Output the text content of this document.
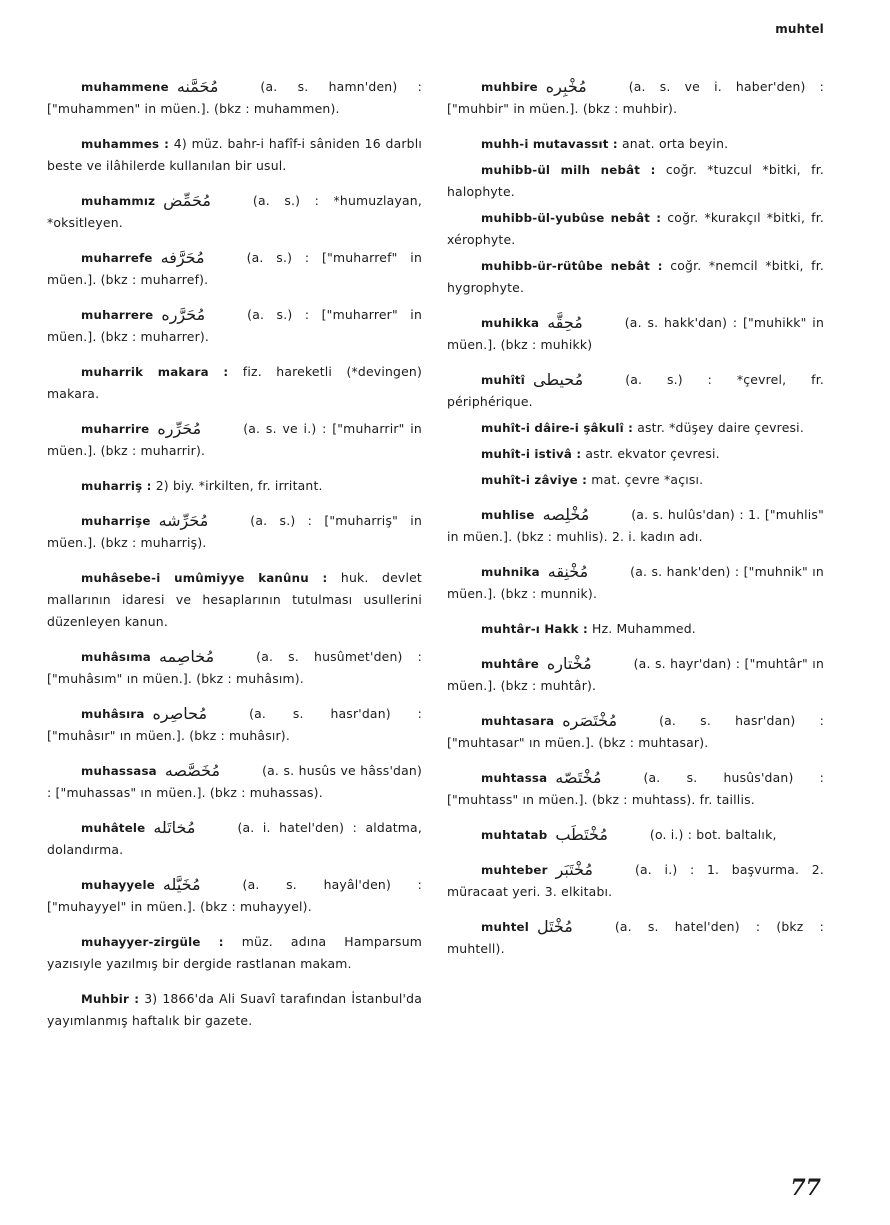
muhtel

muhammene مُحَمَّنه	(a. s. hamn'den) : ["muhammen" in müen.]. (bkz : muhammen).

muhammes : 4) müz. bahr-i hafîf-i sâniden 16 darblı beste ve ilâhilerde kullanılan bir usul.

muhammız مُحَمِّض	(a. s.) : *humuzlayan, *oksitleyen.

muharrefe مُحَرَّفه	(a. s.) : ["muharref" in müen.]. (bkz : muharref).

muharrere مُحَرَّره	(a. s.) : ["muharrer" in müen.]. (bkz : muharrer).

muharrik makara : fiz. hareketli (*devingen) makara.

muharrire مُحَرِّره	(a. s. ve i.) : ["muharrir" in müen.]. (bkz : muharrir).

muharriş : 2) biy. *irkilten, fr. irritant.

muharrişe مُحَرِّشه	(a. s.) : ["muharriş" in müen.]. (bkz : muharriş).

muhâsebe-i umûmiyye kanûnu : huk. devlet mallarının idaresi ve hesaplarının tutulması usullerini düzenleyen kanun.

muhâsıma مُخاصِمه	(a. s. husûmet'den) : ["muhâsım" ın müen.]. (bkz : muhâsım).

muhâsıra مُحاصِره	(a. s. hasr'dan) : ["muhâsır" ın müen.]. (bkz : muhâsır).

muhassasa مُخَصَّصه	(a. s. husûs ve hâss'dan) : ["muhassas" ın müen.]. (bkz : muhassas).

muhâtele مُخاتَله	(a. i. hatel'den) : aldatma, dolandırma.

muhayyele مُخَيَّله	(a. s. hayâl'den) : ["muhayyel" in müen.]. (bkz : muhayyel).

muhayyer-zirgüle : müz. adına Hamparsum yazısıyle yazılmış bir dergide rastlanan makam.

Muhbir : 3) 1866'da Ali Suavî tarafından İstanbul'da yayımlanmış haftalık bir gazete.

muhbire مُخْبِره	(a. s. ve i. haber'den) : ["muhbir" in müen.]. (bkz : muhbir).

muhh-i mutavassıt : anat. orta beyin.

muhibb-ül milh nebât : coğr. *tuzcul *bitki, fr. halophyte.

muhibb-ül-yubûse nebât : coğr. *kurakçıl *bitki, fr. xérophyte.

muhibb-ür-rütûbe nebât : coğr. *nemcil *bitki, fr. hygrophyte.

muhikka مُحِقَّه	(a. s. hakk'dan) : ["muhikk" in müen.]. (bkz : muhikk)

muhîtî مُحيطى	(a. s.) : *çevrel, fr. périphérique.

muhît-i dâire-i şâkulî : astr. *düşey daire çevresi.

muhît-i istivâ : astr. ekvator çevresi.

muhît-i zâviye : mat. çevre *açısı.

muhlise مُخْلِصه	(a. s. hulûs'dan) : 1. ["muhlis" in müen.]. (bkz : muhlis). 2. i. kadın adı.

muhnika مُخْنِقه	(a. s. hank'den) : ["muhnik" ın müen.]. (bkz : munnik).

muhtâr-ı Hakk : Hz. Muhammed.

muhtâre مُخْتاره	(a. s. hayr'dan) : ["muhtâr" ın müen.]. (bkz : muhtâr).

muhtasara مُخْتَصَره	(a. s. hasr'dan) : ["muhtasar" ın müen.]. (bkz : muhtasar).

muhtassa مُخْتَصّه	(a. s. husûs'dan) : ["muhtass" ın müen.]. (bkz : muhtass). fr. taillis.

muhtatab مُخْتَطَب	(o. i.) : bot. baltalık,

muhteber مُخْتَبَر	(a. i.) : 1. başvurma. 2. müracaat yeri. 3. elkitabı.

muhtel مُخْتَل	(a. s. hatel'den) : (bkz : muhtell).

77
